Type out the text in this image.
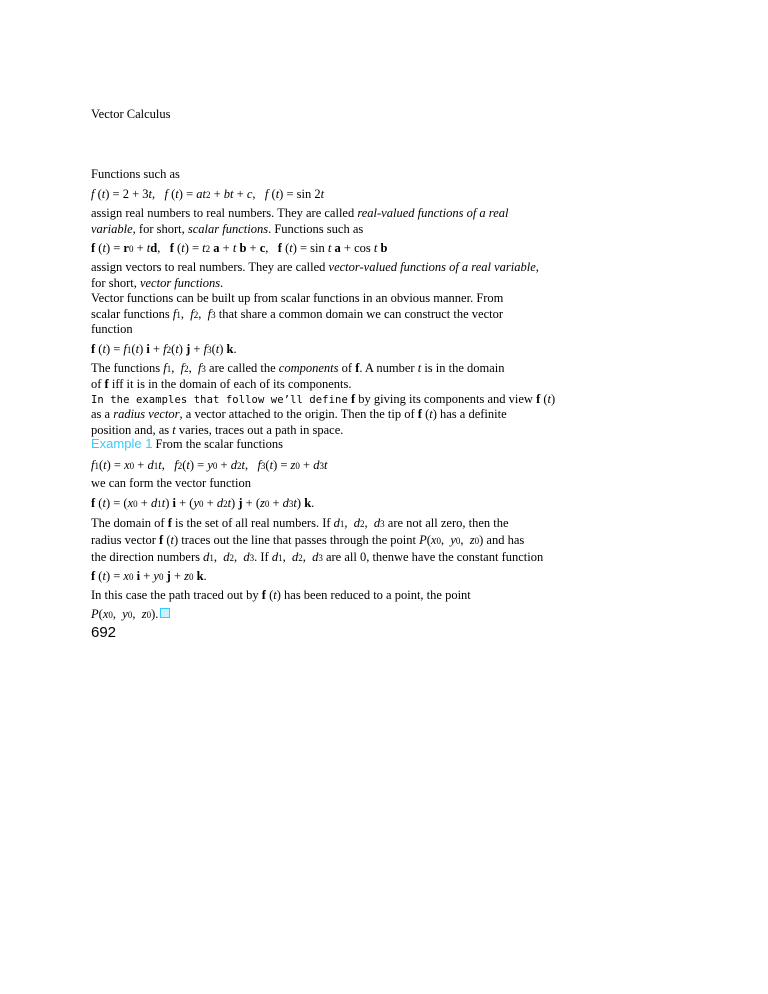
Vector Calculus

Functions such as

f (t) = 2 + 3t,   f (t) = at2 + bt + c,   f (t) = sin 2t

assign real numbers to real numbers. They are called real-valued functions of a real

variable, for short, scalar functions. Functions such as

f (t) = r0 + td,   f (t) = t2 a + t b + c,   f (t) = sin t a + cos t b

assign vectors to real numbers. They are called vector-valued functions of a real variable,

for short, vector functions.

Vector functions can be built up from scalar functions in an obvious manner. From

scalar functions f1,  f2,  f3 that share a common domain we can construct the vector

function

f (t) = f1(t) i + f2(t) j + f3(t) k.

The functions f1,  f2,  f3 are called the components of f. A number t is in the domain

of f iff it is in the domain of each of its components.

In the examples that follow we’ll define f by giving its components and view f (t)

as a radius vector, a vector attached to the origin. Then the tip of f (t) has a definite

position and, as t varies, traces out a path in space.

Example 1 From the scalar functions

f1(t) = x0 + d1t,   f2(t) = y0 + d2t,   f3(t) = z0 + d3t

we can form the vector function

f (t) = (x0 + d1t) i + (y0 + d2t) j + (z0 + d3t) k.

The domain of f is the set of all real numbers. If d1,  d2,  d3 are not all zero, then the

radius vector f (t) traces out the line that passes through the point P(x0,  y0,  z0) and has

the direction numbers d1,  d2,  d3. If d1,  d2,  d3 are all 0, thenwe have the constant function

f (t) = x0 i + y0 j + z0 k.

In this case the path traced out by f (t) has been reduced to a point, the point

P(x0,  y0,  z0).

692
